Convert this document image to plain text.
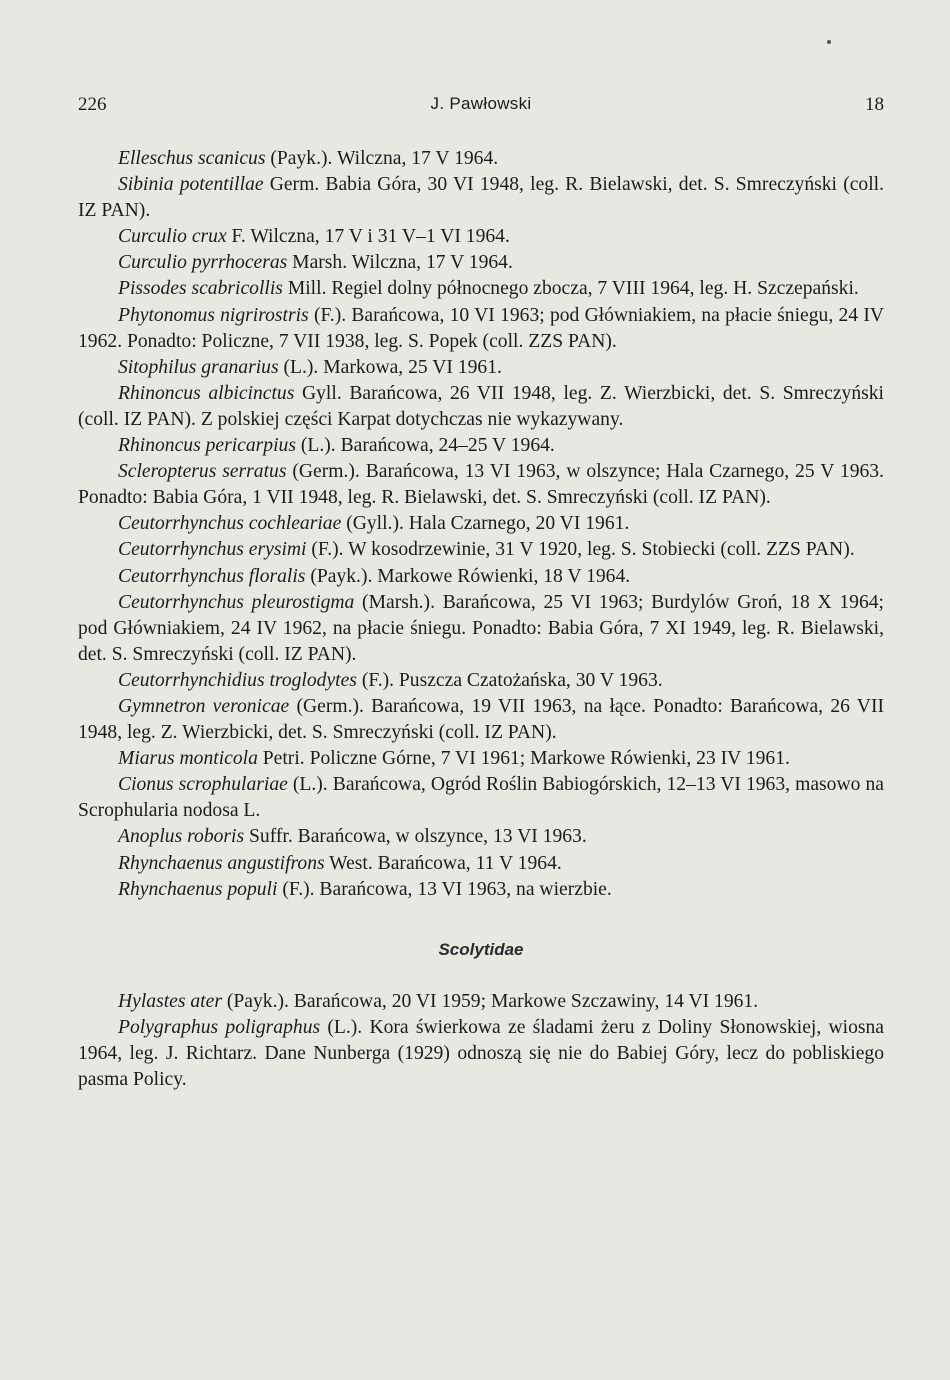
226	J. Pawłowski	18

Elleschus scanicus (Payk.). Wilczna, 17 V 1964.

Sibinia potentillae Germ. Babia Góra, 30 VI 1948, leg. R. Bielawski, det. S. Smreczyński (coll. IZ PAN).

Curculio crux F. Wilczna, 17 V i 31 V–1 VI 1964.

Curculio pyrrhoceras Marsh. Wilczna, 17 V 1964.

Pissodes scabricollis Mill. Regiel dolny północnego zbocza, 7 VIII 1964, leg. H. Szczepański.

Phytonomus nigrirostris (F.). Barańcowa, 10 VI 1963; pod Główniakiem, na płacie śniegu, 24 IV 1962. Ponadto: Policzne, 7 VII 1938, leg. S. Popek (coll. ZZS PAN).

Sitophilus granarius (L.). Markowa, 25 VI 1961.

Rhinoncus albicinctus Gyll. Barańcowa, 26 VII 1948, leg. Z. Wierzbicki, det. S. Smreczyński (coll. IZ PAN). Z polskiej części Karpat dotychczas nie wykazywany.

Rhinoncus pericarpius (L.). Barańcowa, 24–25 V 1964.

Scleropterus serratus (Germ.). Barańcowa, 13 VI 1963, w olszynce; Hala Czarnego, 25 V 1963. Ponadto: Babia Góra, 1 VII 1948, leg. R. Bielawski, det. S. Smreczyński (coll. IZ PAN).

Ceutorrhynchus cochleariae (Gyll.). Hala Czarnego, 20 VI 1961.

Ceutorrhynchus erysimi (F.). W kosodrzewinie, 31 V 1920, leg. S. Stobiecki (coll. ZZS PAN).

Ceutorrhynchus floralis (Payk.). Markowe Rówienki, 18 V 1964.

Ceutorrhynchus pleurostigma (Marsh.). Barańcowa, 25 VI 1963; Burdylów Groń, 18 X 1964; pod Główniakiem, 24 IV 1962, na płacie śniegu. Ponadto: Babia Góra, 7 XI 1949, leg. R. Bielawski, det. S. Smreczyński (coll. IZ PAN).

Ceutorrhynchidius troglodytes (F.). Puszcza Czatożańska, 30 V 1963.

Gymnetron veronicae (Germ.). Barańcowa, 19 VII 1963, na łące. Ponadto: Barańcowa, 26 VII 1948, leg. Z. Wierzbicki, det. S. Smreczyński (coll. IZ PAN).

Miarus monticola Petri. Policzne Górne, 7 VI 1961; Markowe Rówienki, 23 IV 1961.

Cionus scrophulariae (L.). Barańcowa, Ogród Roślin Babiogórskich, 12–13 VI 1963, masowo na Scrophularia nodosa L.

Anoplus roboris Suffr. Barańcowa, w olszynce, 13 VI 1963.

Rhynchaenus angustifrons West. Barańcowa, 11 V 1964.

Rhynchaenus populi (F.). Barańcowa, 13 VI 1963, na wierzbie.

Scolytidae

Hylastes ater (Payk.). Barańcowa, 20 VI 1959; Markowe Szczawiny, 14 VI 1961.

Polygraphus poligraphus (L.). Kora świerkowa ze śladami żeru z Doliny Słonowskiej, wiosna 1964, leg. J. Richtarz. Dane Nunberga (1929) odnoszą się nie do Babiej Góry, lecz do pobliskiego pasma Policy.
